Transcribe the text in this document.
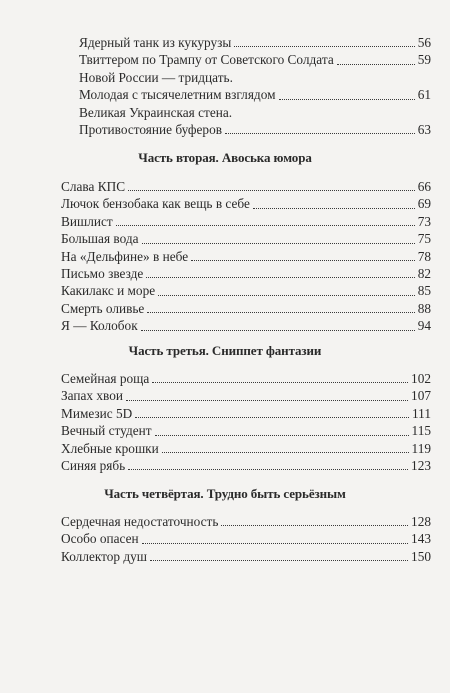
Ядерный танк из кукурузы	56
Твиттером по Трампу от Советского Солдата	59
Новой России — тридцать.
Молодая с тысячелетним взглядом	61
Великая Украинская стена.
Противостояние буферов	63
Часть вторая. Авоська юмора
Слава КПС	66
Лючок бензобака как вещь в себе	69
Вишлист	73
Большая вода	75
На «Дельфине» в небе	78
Письмо звезде	82
Какилакс и море	85
Смерть оливье	88
Я — Колобок	94
Часть третья. Сниппет фантазии
Семейная роща	102
Запах хвои	107
Мимезис 5D	111
Вечный студент	115
Хлебные крошки	119
Синяя рябь	123
Часть четвёртая. Трудно быть серьёзным
Сердечная недостаточность	128
Особо опасен	143
Коллектор душ	150
